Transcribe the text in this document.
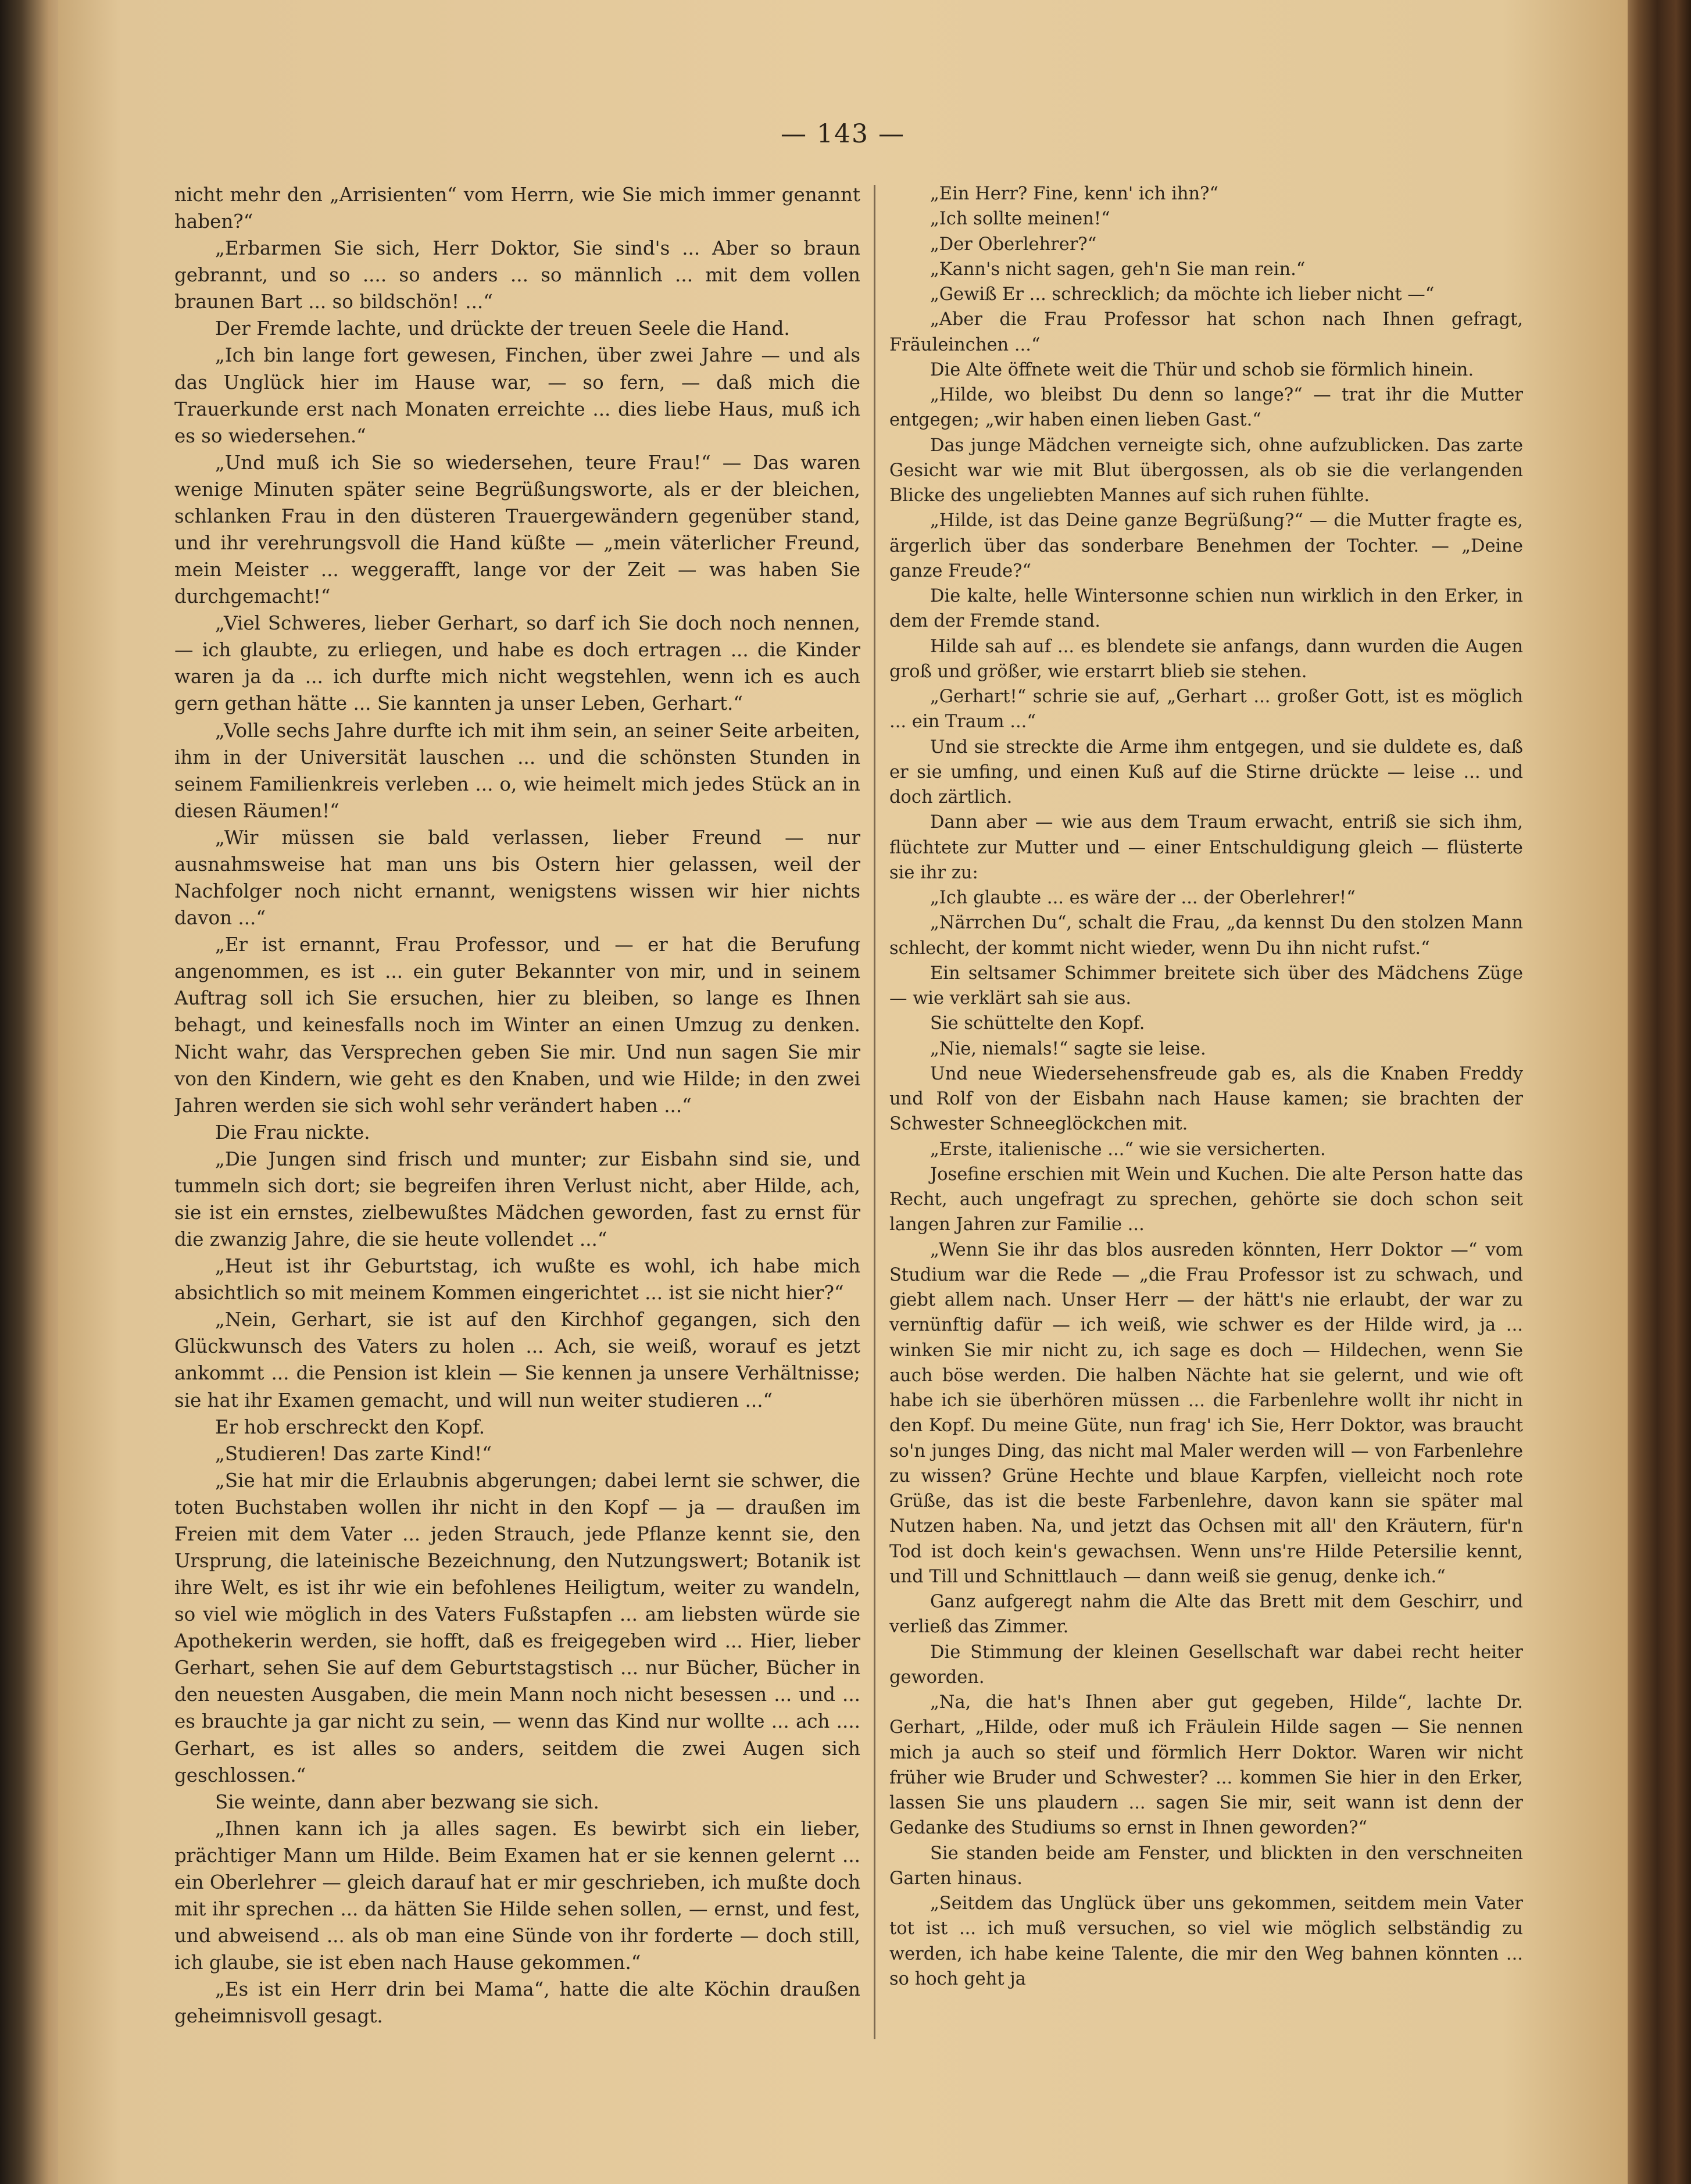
— 143 —

nicht mehr den „Arrisienten“ vom Herrn, wie Sie mich immer genannt haben?“

„Erbarmen Sie sich, Herr Doktor, Sie sind's ... Aber so braun gebrannt, und so .... so anders ... so männlich ... mit dem vollen braunen Bart ... so bildschön! ...“

Der Fremde lachte, und drückte der treuen Seele die Hand.

„Ich bin lange fort gewesen, Finchen, über zwei Jahre — und als das Unglück hier im Hause war, — so fern, — daß mich die Trauerkunde erst nach Monaten erreichte ... dies liebe Haus, muß ich es so wiedersehen.“

„Und muß ich Sie so wiedersehen, teure Frau!“ — Das waren wenige Minuten später seine Begrüßungsworte, als er der bleichen, schlanken Frau in den düsteren Trauergewändern gegenüber stand, und ihr verehrungsvoll die Hand küßte — „mein väterlicher Freund, mein Meister ... weggerafft, lange vor der Zeit — was haben Sie durchgemacht!“

„Viel Schweres, lieber Gerhart, so darf ich Sie doch noch nennen, — ich glaubte, zu erliegen, und habe es doch ertragen ... die Kinder waren ja da ... ich durfte mich nicht wegstehlen, wenn ich es auch gern gethan hätte ... Sie kannten ja unser Leben, Gerhart.“

„Volle sechs Jahre durfte ich mit ihm sein, an seiner Seite arbeiten, ihm in der Universität lauschen ... und die schönsten Stunden in seinem Familienkreis verleben ... o, wie heimelt mich jedes Stück an in diesen Räumen!“

„Wir müssen sie bald verlassen, lieber Freund — nur ausnahmsweise hat man uns bis Ostern hier gelassen, weil der Nachfolger noch nicht ernannt, wenigstens wissen wir hier nichts davon ...“

„Er ist ernannt, Frau Professor, und — er hat die Berufung angenommen, es ist ... ein guter Bekannter von mir, und in seinem Auftrag soll ich Sie ersuchen, hier zu bleiben, so lange es Ihnen behagt, und keinesfalls noch im Winter an einen Umzug zu denken. Nicht wahr, das Versprechen geben Sie mir. Und nun sagen Sie mir von den Kindern, wie geht es den Knaben, und wie Hilde; in den zwei Jahren werden sie sich wohl sehr verändert haben ...“

Die Frau nickte.

„Die Jungen sind frisch und munter; zur Eisbahn sind sie, und tummeln sich dort; sie begreifen ihren Verlust nicht, aber Hilde, ach, sie ist ein ernstes, zielbewußtes Mädchen geworden, fast zu ernst für die zwanzig Jahre, die sie heute vollendet ...“

„Heut ist ihr Geburtstag, ich wußte es wohl, ich habe mich absichtlich so mit meinem Kommen eingerichtet ... ist sie nicht hier?“

„Nein, Gerhart, sie ist auf den Kirchhof gegangen, sich den Glückwunsch des Vaters zu holen ... Ach, sie weiß, worauf es jetzt ankommt ... die Pension ist klein — Sie kennen ja unsere Verhältnisse; sie hat ihr Examen gemacht, und will nun weiter studieren ...“

Er hob erschreckt den Kopf.

„Studieren! Das zarte Kind!“

„Sie hat mir die Erlaubnis abgerungen; dabei lernt sie schwer, die toten Buchstaben wollen ihr nicht in den Kopf — ja — draußen im Freien mit dem Vater ... jeden Strauch, jede Pflanze kennt sie, den Ursprung, die lateinische Bezeichnung, den Nutzungswert; Botanik ist ihre Welt, es ist ihr wie ein befohlenes Heiligtum, weiter zu wandeln, so viel wie möglich in des Vaters Fußstapfen ... am liebsten würde sie Apothekerin werden, sie hofft, daß es freigegeben wird ... Hier, lieber Gerhart, sehen Sie auf dem Geburtstagstisch ... nur Bücher, Bücher in den neuesten Ausgaben, die mein Mann noch nicht besessen ... und ... es brauchte ja gar nicht zu sein, — wenn das Kind nur wollte ... ach .... Gerhart, es ist alles so anders, seitdem die zwei Augen sich geschlossen.“

Sie weinte, dann aber bezwang sie sich.

„Ihnen kann ich ja alles sagen. Es bewirbt sich ein lieber, prächtiger Mann um Hilde. Beim Examen hat er sie kennen gelernt ... ein Oberlehrer — gleich darauf hat er mir geschrieben, ich mußte doch mit ihr sprechen ... da hätten Sie Hilde sehen sollen, — ernst, und fest, und abweisend ... als ob man eine Sünde von ihr forderte — doch still, ich glaube, sie ist eben nach Hause gekommen.“

„Es ist ein Herr drin bei Mama“, hatte die alte Köchin draußen geheimnisvoll gesagt.

„Ein Herr? Fine, kenn' ich ihn?“

„Ich sollte meinen!“

„Der Oberlehrer?“

„Kann's nicht sagen, geh'n Sie man rein.“

„Gewiß Er ... schrecklich; da möchte ich lieber nicht —“

„Aber die Frau Professor hat schon nach Ihnen gefragt, Fräuleinchen ...“

Die Alte öffnete weit die Thür und schob sie förmlich hinein.

„Hilde, wo bleibst Du denn so lange?“ — trat ihr die Mutter entgegen; „wir haben einen lieben Gast.“

Das junge Mädchen verneigte sich, ohne aufzublicken. Das zarte Gesicht war wie mit Blut übergossen, als ob sie die verlangenden Blicke des ungeliebten Mannes auf sich ruhen fühlte.

„Hilde, ist das Deine ganze Begrüßung?“ — die Mutter fragte es, ärgerlich über das sonderbare Benehmen der Tochter. — „Deine ganze Freude?“

Die kalte, helle Wintersonne schien nun wirklich in den Erker, in dem der Fremde stand.

Hilde sah auf ... es blendete sie anfangs, dann wurden die Augen groß und größer, wie erstarrt blieb sie stehen.

„Gerhart!“ schrie sie auf, „Gerhart ... großer Gott, ist es möglich ... ein Traum ...“

Und sie streckte die Arme ihm entgegen, und sie duldete es, daß er sie umfing, und einen Kuß auf die Stirne drückte — leise ... und doch zärtlich.

Dann aber — wie aus dem Traum erwacht, entriß sie sich ihm, flüchtete zur Mutter und — einer Entschuldigung gleich — flüsterte sie ihr zu:

„Ich glaubte ... es wäre der ... der Oberlehrer!“

„Närrchen Du“, schalt die Frau, „da kennst Du den stolzen Mann schlecht, der kommt nicht wieder, wenn Du ihn nicht rufst.“

Ein seltsamer Schimmer breitete sich über des Mädchens Züge — wie verklärt sah sie aus.

Sie schüttelte den Kopf.

„Nie, niemals!“ sagte sie leise.

Und neue Wiedersehensfreude gab es, als die Knaben Freddy und Rolf von der Eisbahn nach Hause kamen; sie brachten der Schwester Schneeglöckchen mit.

„Erste, italienische ...“ wie sie versicherten.

Josefine erschien mit Wein und Kuchen. Die alte Person hatte das Recht, auch ungefragt zu sprechen, gehörte sie doch schon seit langen Jahren zur Familie ...

„Wenn Sie ihr das blos ausreden könnten, Herr Doktor —“ vom Studium war die Rede — „die Frau Professor ist zu schwach, und giebt allem nach. Unser Herr — der hätt's nie erlaubt, der war zu vernünftig dafür — ich weiß, wie schwer es der Hilde wird, ja ... winken Sie mir nicht zu, ich sage es doch — Hildechen, wenn Sie auch böse werden. Die halben Nächte hat sie gelernt, und wie oft habe ich sie überhören müssen ... die Farbenlehre wollt ihr nicht in den Kopf. Du meine Güte, nun frag' ich Sie, Herr Doktor, was braucht so'n junges Ding, das nicht mal Maler werden will — von Farbenlehre zu wissen? Grüne Hechte und blaue Karpfen, vielleicht noch rote Grüße, das ist die beste Farbenlehre, davon kann sie später mal Nutzen haben. Na, und jetzt das Ochsen mit all' den Kräutern, für'n Tod ist doch kein's gewachsen. Wenn uns're Hilde Petersilie kennt, und Till und Schnittlauch — dann weiß sie genug, denke ich.“

Ganz aufgeregt nahm die Alte das Brett mit dem Geschirr, und verließ das Zimmer.

Die Stimmung der kleinen Gesellschaft war dabei recht heiter geworden.

„Na, die hat's Ihnen aber gut gegeben, Hilde“, lachte Dr. Gerhart, „Hilde, oder muß ich Fräulein Hilde sagen — Sie nennen mich ja auch so steif und förmlich Herr Doktor. Waren wir nicht früher wie Bruder und Schwester? ... kommen Sie hier in den Erker, lassen Sie uns plaudern ... sagen Sie mir, seit wann ist denn der Gedanke des Studiums so ernst in Ihnen geworden?“

Sie standen beide am Fenster, und blickten in den verschneiten Garten hinaus.

„Seitdem das Unglück über uns gekommen, seitdem mein Vater tot ist ... ich muß versuchen, so viel wie möglich selbständig zu werden, ich habe keine Talente, die mir den Weg bahnen könnten ... so hoch geht ja
